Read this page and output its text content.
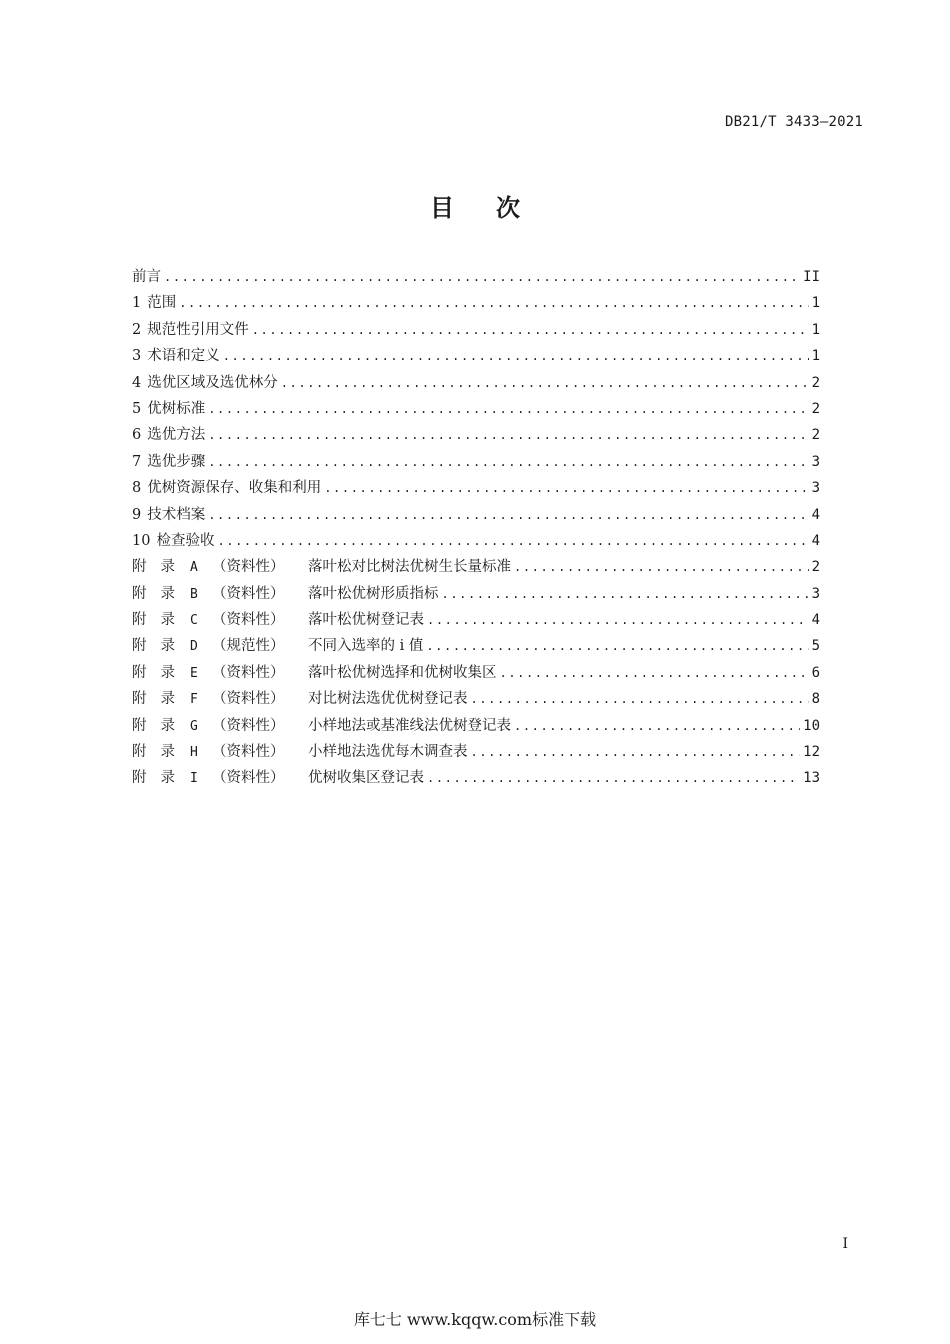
DB21/T 3433—2021
目 次
前言 .....	II
1 范围 .....	1
2 规范性引用文件 .....	1
3 术语和定义 .....	1
4 选优区域及选优林分 .....	2
5 优树标准 .....	2
6 选优方法 .....	2
7 选优步骤 .....	3
8 优树资源保存、收集和利用 .....	3
9 技术档案 .....	4
10 检查验收 .....	4
附 录 A （资料性） 落叶松对比树法优树生长量标准 .....	2
附 录 B （资料性） 落叶松优树形质指标 .....	3
附 录 C （资料性） 落叶松优树登记表 .....	4
附 录 D （规范性） 不同入选率的 i 值 .....	5
附 录 E （资料性） 落叶松优树选择和优树收集区 .....	6
附 录 F （资料性） 对比树法选优优树登记表 .....	8
附 录 G （资料性） 小样地法或基准线法优树登记表 .....	10
附 录 H （资料性） 小样地法选优每木调查表 .....	12
附 录 I （资料性） 优树收集区登记表 .....	13
I
库七七 www.kqqw.com标准下载
